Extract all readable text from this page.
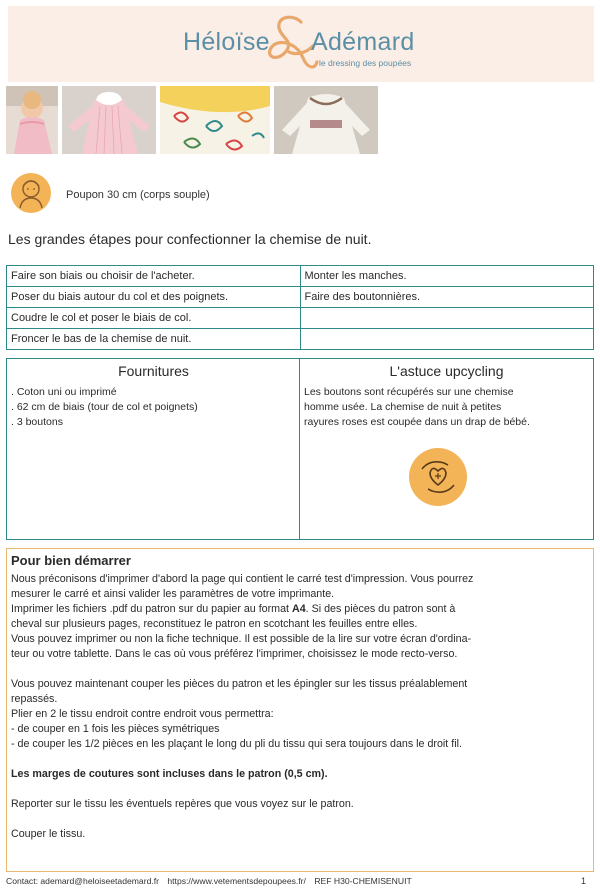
Héloïse Adémard
le dressing des poupées
Poupon 30 cm (corps souple)
Les grandes étapes pour confectionner la chemise de nuit.
Faire son biais ou choisir de l'acheter.	Monter les manches.
Poser du biais autour du col et des poignets.	Faire des boutonnières.
Coudre le col et poser le biais de col.	
Froncer le bas de la chemise de nuit.	
Fournitures
. Coton uni ou imprimé
. 62 cm de biais (tour de col et poignets)
. 3 boutons
L'astuce upcycling
Les boutons sont récupérés sur une chemise
homme usée. La chemise de nuit à petites
rayures roses est coupée dans un drap de bébé.
Pour bien démarrer

Nous préconisons d'imprimer d'abord la page qui contient le carré test d'impression. Vous pourrez

mesurer le carré et ainsi valider les paramètres de votre imprimante.

Imprimer les fichiers .pdf du patron sur du papier au format A4. Si des pièces du patron sont à

cheval sur plusieurs pages, reconstituez le patron en scotchant les feuilles entre elles.

Vous pouvez imprimer ou non la fiche technique. Il est possible de la lire sur votre écran d'ordina-

teur ou votre tablette. Dans le cas où vous préférez l'imprimer, choisissez le mode recto-verso.

Vous pouvez maintenant couper les pièces du patron et les épingler sur les tissus préalablement

repassés.

Plier en 2 le tissu endroit contre endroit vous permettra:

- de couper en 1 fois les pièces symétriques

- de couper les 1/2 pièces en les plaçant le long du pli du tissu qui sera toujours dans le droit fil.

Les marges de coutures sont incluses dans le patron (0,5 cm).

Reporter sur le tissu les éventuels repères que vous voyez sur le patron.

Couper le tissu.

Contact: ademard@heloiseetademard.fr https://www.vetementsdepoupees.fr/ REF H30-CHEMISENUIT	1
